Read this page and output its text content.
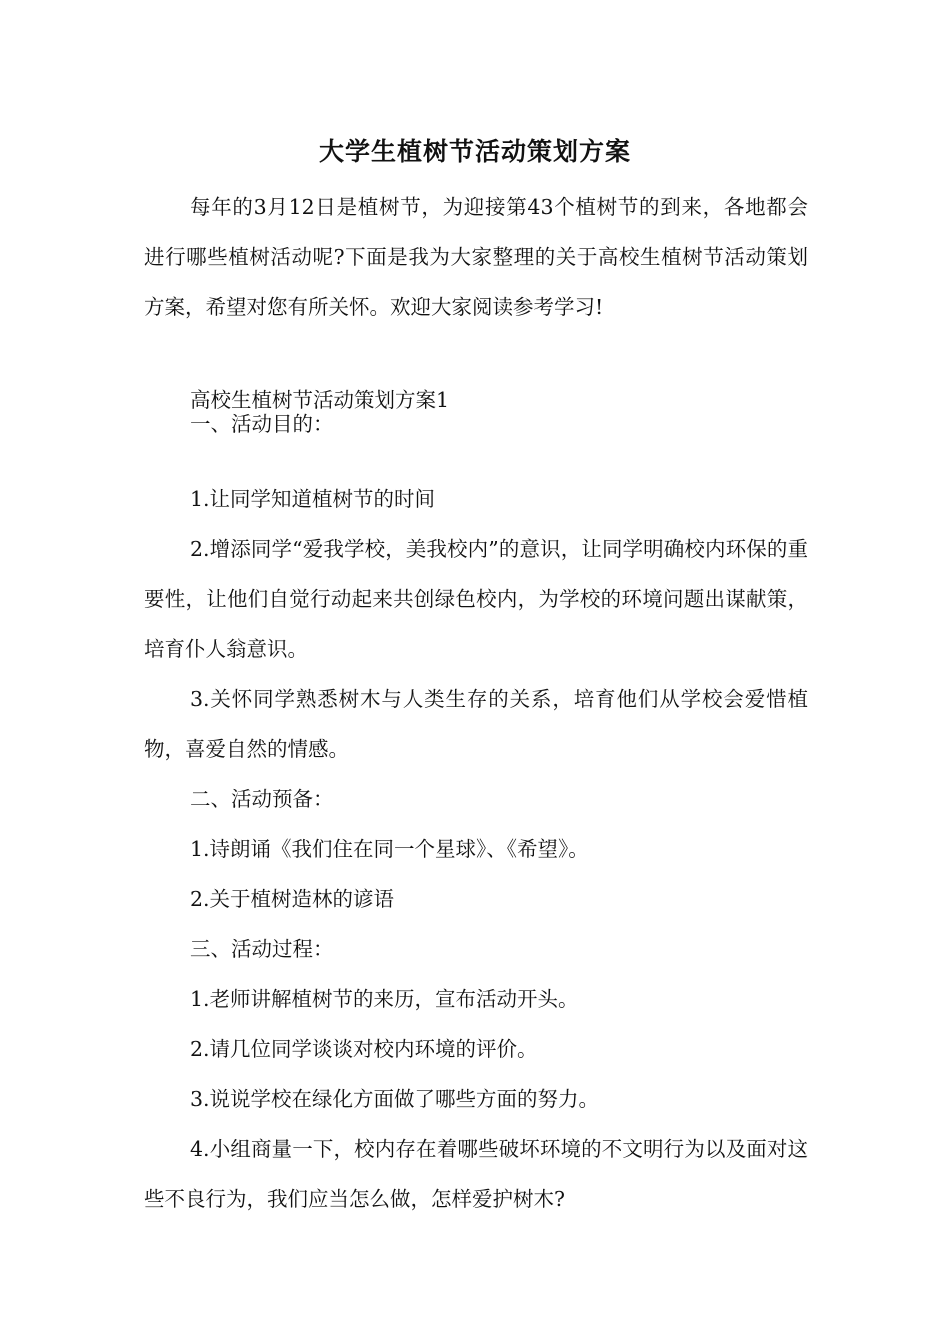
大学生植树节活动策划方案

每年的3月12日是植树节，为迎接第43个植树节的到来，各地都会进行哪些植树活动呢?下面是我为大家整理的关于高校生植树节活动策划方案，希望对您有所关怀。欢迎大家阅读参考学习!

高校生植树节活动策划方案1

一、活动目的：

1.让同学知道植树节的时间

2.增添同学“爱我学校，美我校内”的意识，让同学明确校内环保的重要性，让他们自觉行动起来共创绿色校内，为学校的环境问题出谋献策，培育仆人翁意识。

3.关怀同学熟悉树木与人类生存的关系，培育他们从学校会爱惜植物，喜爱自然的情感。

二、活动预备：

1.诗朗诵《我们住在同一个星球》、《希望》。

2.关于植树造林的谚语

三、活动过程：

1.老师讲解植树节的来历，宣布活动开头。

2.请几位同学谈谈对校内环境的评价。

3.说说学校在绿化方面做了哪些方面的努力。

4.小组商量一下，校内存在着哪些破坏环境的不文明行为以及面对这些不良行为，我们应当怎么做，怎样爱护树木?
